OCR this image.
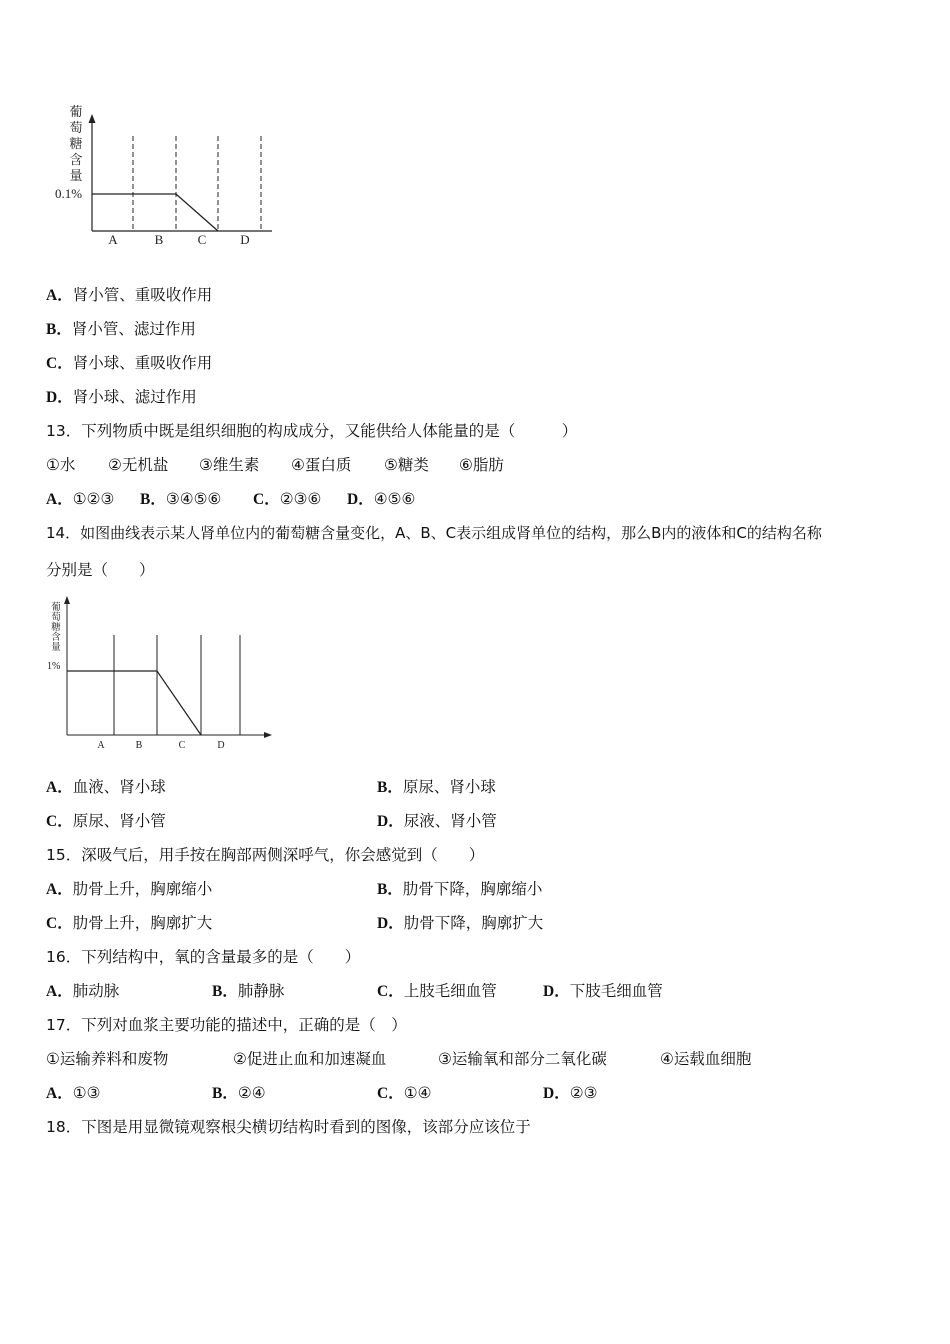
葡
萄
糖
含
量
0.1%
A	B	C	D
A．肾小管、重吸收作用
B．肾小管、滤过作用
C．肾小球、重吸收作用
D．肾小球、滤过作用
13．下列物质中既是组织细胞的构成成分，又能供给人体能量的是（　　　）
①水 ②无机盐 ③维生素 ④蛋白质 ⑤糖类 ⑥脂肪
A．①②③ B．③④⑤⑥ C．②③⑥ D．④⑤⑥
14．如图曲线表示某人肾单位内的葡萄糖含量变化，A、B、C表示组成肾单位的结构，那么B内的液体和C的结构名称
分别是（　　）
葡
萄
糖
含
量
1%
A	B	C	D
A．血液、肾小球	B．原尿、肾小球
C．原尿、肾小管	D．尿液、肾小管
15．深吸气后，用手按在胸部两侧深呼气，你会感觉到（　　）
A．肋骨上升，胸廓缩小	B．肋骨下降，胸廓缩小
C．肋骨上升，胸廓扩大	D．肋骨下降，胸廓扩大
16．下列结构中，氧的含量最多的是（　　）
A．肺动脉	B．肺静脉	C．上肢毛细血管	D．下肢毛细血管
17．下列对血浆主要功能的描述中，正确的是（　）
①运输养料和废物	②促进止血和加速凝血	③运输氧和部分二氧化碳	④运载血细胞
A．①③	B．②④	C．①④	D．②③
18．下图是用显微镜观察根尖横切结构时看到的图像，该部分应该位于
